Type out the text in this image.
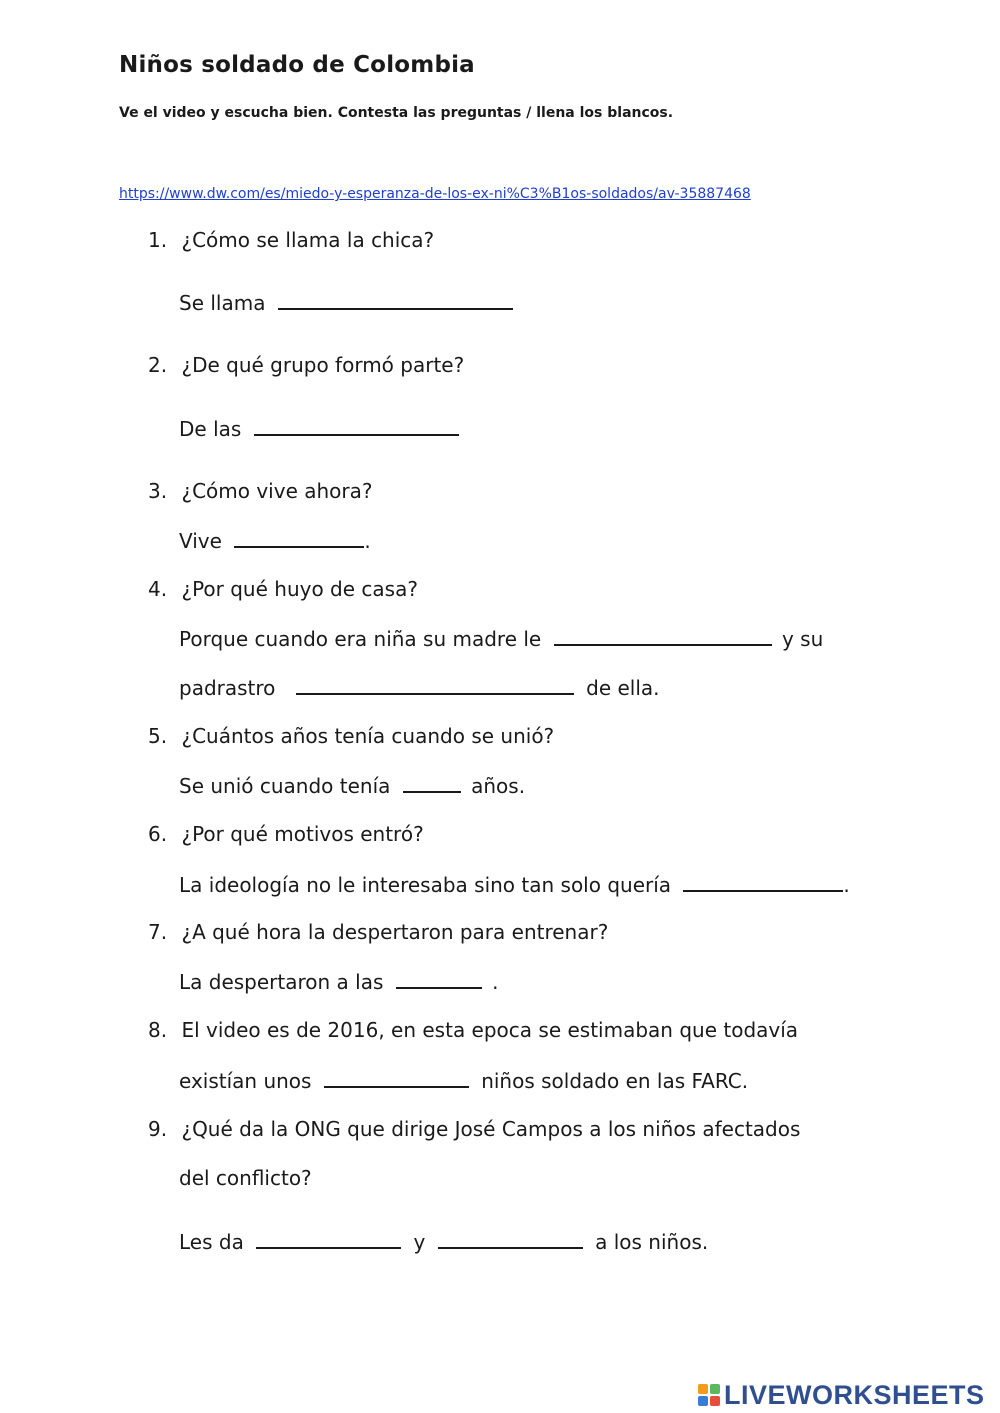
Niños soldado de Colombia
Ve el video y escucha bien. Contesta las preguntas / llena los blancos.
https://www.dw.com/es/miedo-y-esperanza-de-los-ex-ni%C3%B1os-soldados/av-35887468
1. ¿Cómo se llama la chica?
Se llama
2. ¿De qué grupo formó parte?
De las
3. ¿Cómo vive ahora?
Vive	.
4. ¿Por qué huyo de casa?
Porque cuando era niña su madre le	y su
padrastro	de ella.
5. ¿Cuántos años tenía cuando se unió?
Se unió cuando tenía	años.
6. ¿Por qué motivos entró?
La ideología no le interesaba sino tan solo quería	.
7. ¿A qué hora la despertaron para entrenar?
La despertaron a las	.
8. El video es de 2016, en esta epoca se estimaban que todavía
existían unos	niños soldado en las FARC.
9. ¿Qué da la ONG que dirige José Campos a los niños afectados
del conflicto?
Les da	y	a los niños.
LIVEWORKSHEETS
